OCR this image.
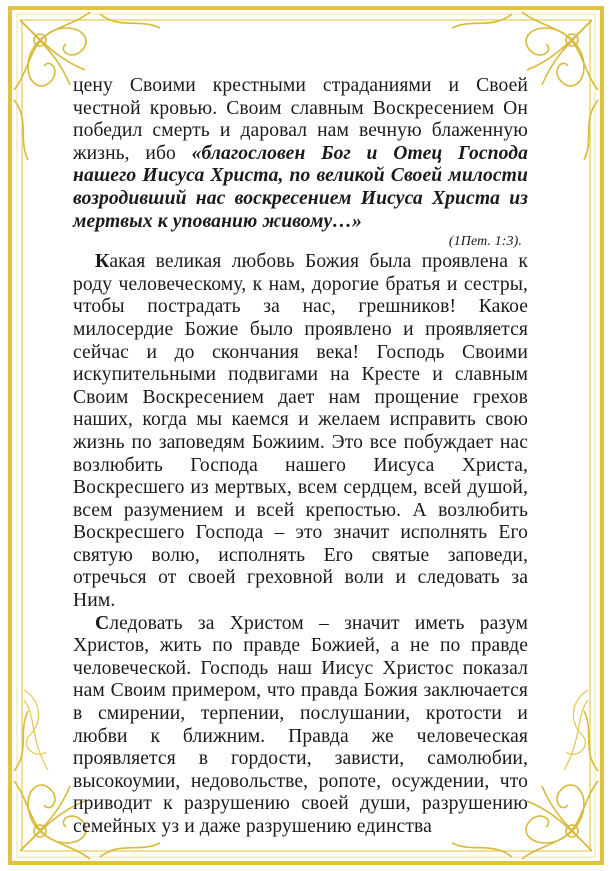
цену Своими крестными страданиями и Своей честной кровью. Своим славным Воскресением Он победил смерть и даровал нам вечную блаженную жизнь, ибо «благословен Бог и Отец Господа нашего Иисуса Христа, по великой Своей милости возродивший нас воскресением Иисуса Христа из мертвых к упованию живому…»

(1Пет. 1:3).

Какая великая любовь Божия была проявлена к роду человеческому, к нам, дорогие братья и сестры, чтобы пострадать за нас, грешников! Какое милосердие Божие было проявлено и проявляется сейчас и до скончания века! Господь Своими искупительными подвигами на Кресте и славным Своим Воскресением дает нам прощение грехов наших, когда мы каемся и желаем исправить свою жизнь по заповедям Божиим. Это все побуждает нас возлюбить Господа нашего Иисуса Христа, Воскресшего из мертвых, всем сердцем, всей душой, всем разумением и всей крепостью. А возлюбить Воскресшего Господа – это значит исполнять Его святую волю, исполнять Его святые заповеди, отречься от своей греховной воли и следовать за Ним.

Следовать за Христом – значит иметь разум Христов, жить по правде Божией, а не по правде человеческой. Господь наш Иисус Христос показал нам Своим примером, что правда Божия заключается в смирении, терпении, послушании, кротости и любви к ближним. Правда же человеческая проявляется в гордости, зависти, самолюбии, высокоумии, недовольстве, ропоте, осуждении, что приводит к разрушению своей души, разрушению семейных уз и даже разрушению единства
